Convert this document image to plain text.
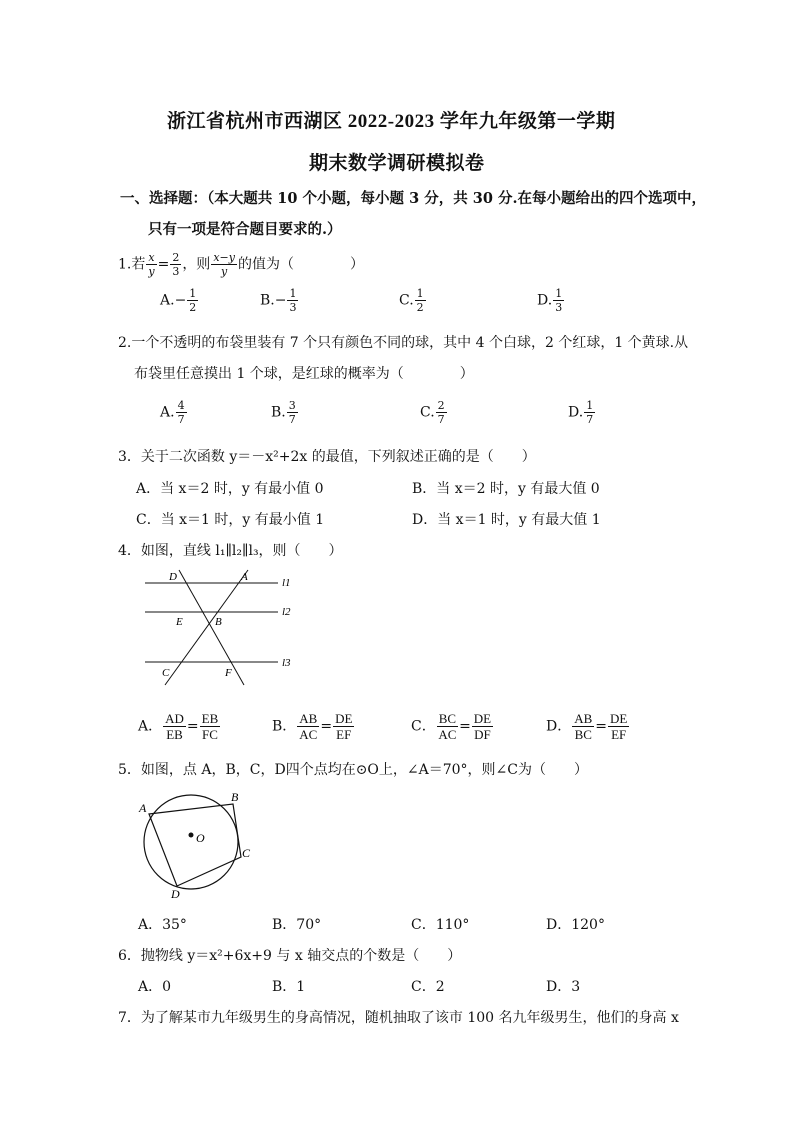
浙江省杭州市西湖区 2022-2023 学年九年级第一学期
期末数学调研模拟卷
一、选择题：（本大题共 10 个小题，每小题 3 分，共 30 分.在每小题给出的四个选项中，
只有一项是符合题目要求的.）
1.若 $\frac{x}{y} = \frac{2}{3}$ ，则 $\frac{x-y}{y}$ 的值为（　　　　）
$A.- \frac{1}{2}$	$B.- \frac{1}{3}$	C. $\frac{1}{2}$	D. $\frac{1}{3}$
2.一个不透明的布袋里装有 7 个只有颜色不同的球，其中 4 个白球，2 个红球，1 个黄球.从
布袋里任意摸出 1 个球，是红球的概率为（　　　　）
A. $\frac{4}{7}$	B. $\frac{3}{7}$	C. $\frac{2}{7}$	D. $\frac{1}{7}$
3．关于二次函数 y＝－x²+2x 的最值，下列叙述正确的是（　　）
A．当 x＝2 时，y 有最小值 0	B．当 x＝2 时，y 有最大值 0
C．当 x＝1 时，y 有最小值 1	D．当 x＝1 时，y 有最大值 1
4．如图，直线 l₁∥l₂∥l₃，则（　　）
D	A	l1
l2
E	B
C	F
l3
A． $\frac{AD}{EB} = \frac{EB}{FC}$	B． $\frac{AB}{AC} = \frac{DE}{EF}$	C． $\frac{BC}{AC} = \frac{DE}{DF}$	D． $\frac{AB}{BC} = \frac{DE}{EF}$
5．如图，点 A，B，C，D四个点均在⊙O上，∠A＝70°，则∠C为（　　）
A
B
O
C
D
A．35°	B．70°	C．110°	D．120°
6．抛物线 y＝x²+6x+9 与 x 轴交点的个数是（　　）
A．0	B．1	C．2	D．3
7．为了解某市九年级男生的身高情况，随机抽取了该市 100 名九年级男生，他们的身高 x
